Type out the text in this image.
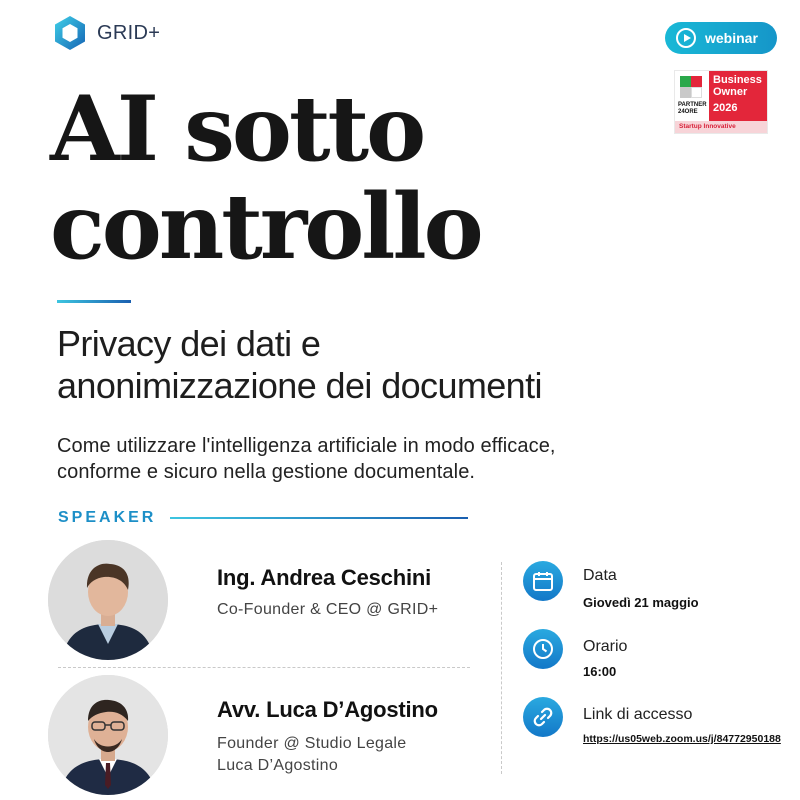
GRID+	webinar
PARTNER 24ORE
Business
Owner
2026
Startup Innovative
AI sotto
controllo
Privacy dei dati e
anonimizzazione dei documenti
Come utilizzare l'intelligenza artificiale in modo efficace,
conforme e sicuro nella gestione documentale.
SPEAKER
Ing. Andrea Ceschini
Co-Founder & CEO @ GRID+
Avv. Luca D’Agostino
Founder @ Studio Legale
Luca D’Agostino
Data
Giovedì 21 maggio
Orario
16:00
Link di accesso
https://us05web.zoom.us/j/84772950188
